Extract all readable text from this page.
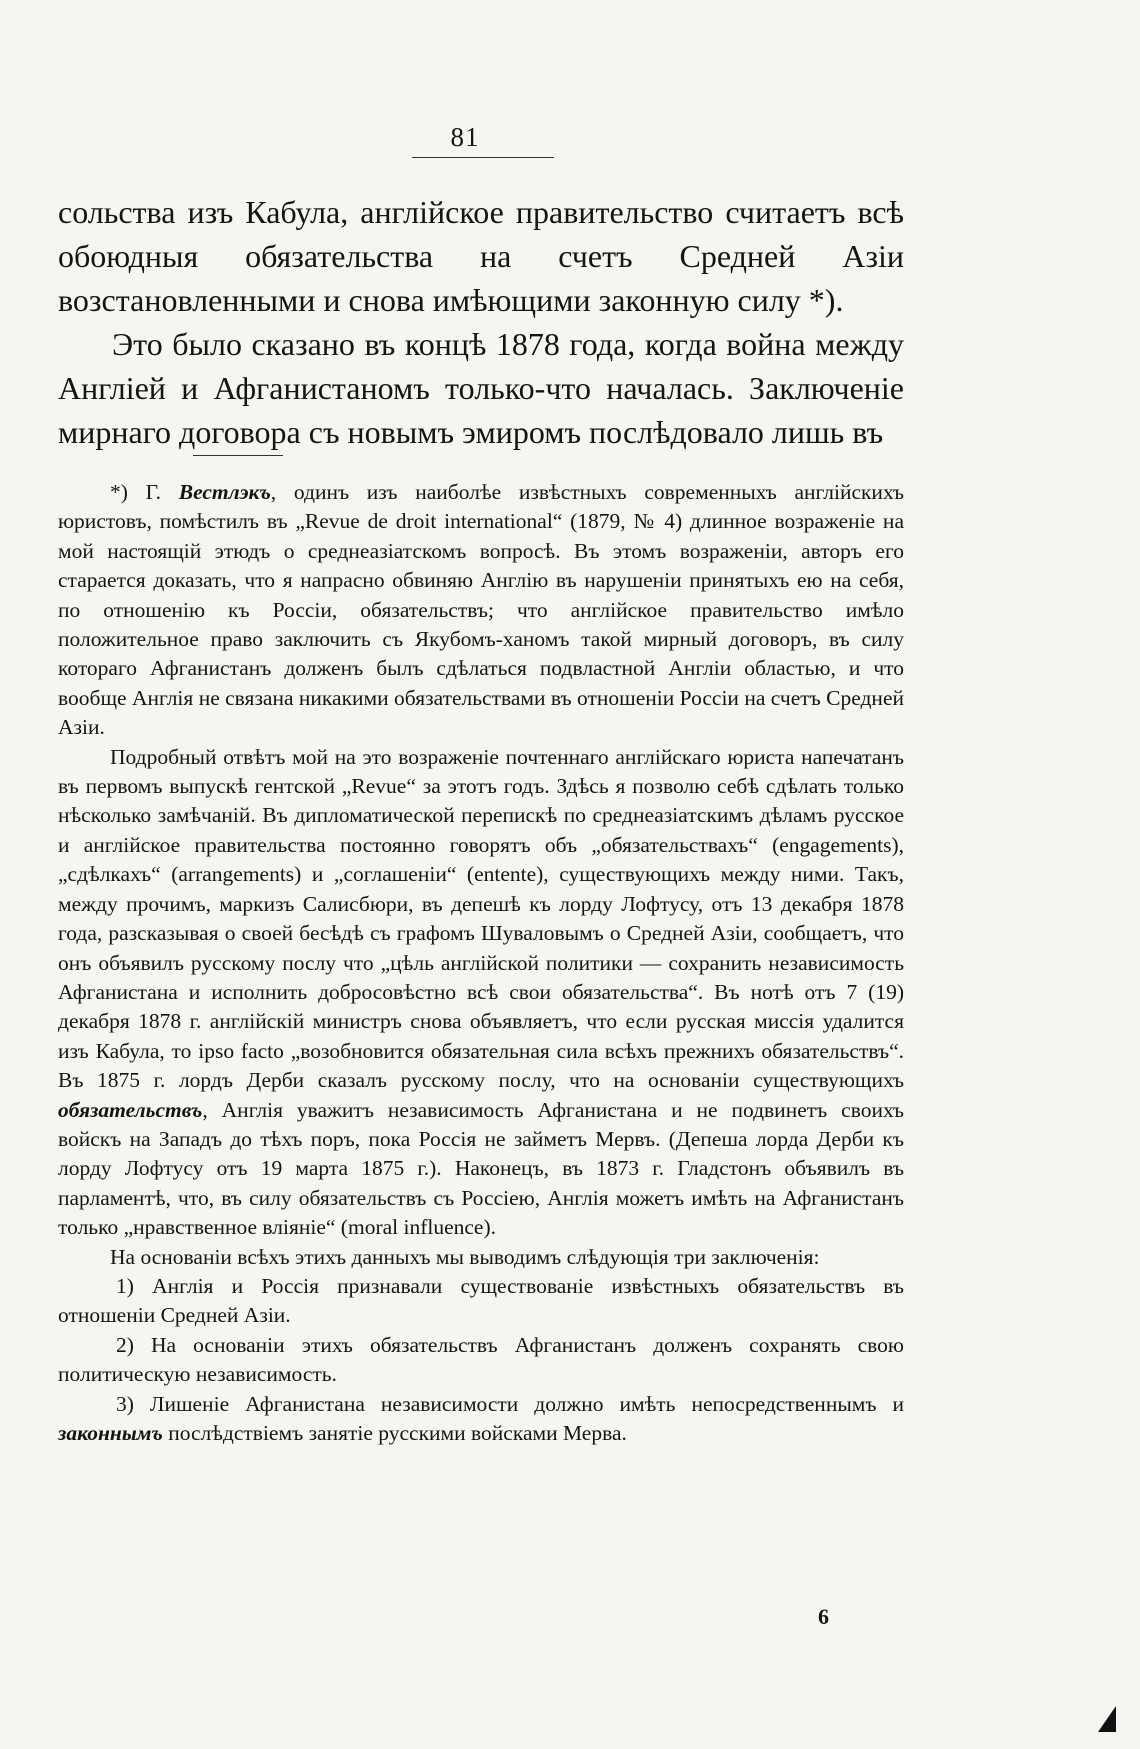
81

сольства изъ Кабула, англійское правительство считаетъ всѣ обоюдныя обязательства на счетъ Средней Азіи возстановленными и снова имѣющими законную силу *).

Это было сказано въ концѣ 1878 года, когда война между Англіей и Афганистаномъ только-что началась. Заключеніе мирнаго договора съ новымъ эмиромъ послѣдовало лишь въ

*) Г. Вестлэкъ, одинъ изъ наиболѣе извѣстныхъ современныхъ англійскихъ юристовъ, помѣстилъ въ „Revue de droit international“ (1879, № 4) длинное возраженіе на мой настоящій этюдъ о среднеазіатскомъ вопросѣ. Въ этомъ возраженіи, авторъ его старается доказать, что я напрасно обвиняю Англію въ нарушеніи принятыхъ ею на себя, по отношенію къ Россіи, обязательствъ; что англійское правительство имѣло положительное право заключить съ Якубомъ-ханомъ такой мирный договоръ, въ силу котораго Афганистанъ долженъ былъ сдѣлаться подвластной Англіи областью, и что вообще Англія не связана никакими обязательствами въ отношеніи Россіи на счетъ Средней Азіи.

Подробный отвѣтъ мой на это возраженіе почтеннаго англійскаго юриста напечатанъ въ первомъ выпускѣ гентской „Revue“ за этотъ годъ. Здѣсь я позволю себѣ сдѣлать только нѣсколько замѣчаній. Въ дипломатической перепискѣ по среднеазіатскимъ дѣламъ русское и англійское правительства постоянно говорятъ объ „обязательствахъ“ (engagements), „сдѣлкахъ“ (arrangements) и „соглашеніи“ (entente), существующихъ между ними. Такъ, между прочимъ, маркизъ Салисбюри, въ депешѣ къ лорду Лофтусу, отъ 13 декабря 1878 года, разсказывая о своей бесѣдѣ съ графомъ Шуваловымъ о Средней Азіи, сообщаетъ, что онъ объявилъ русскому послу что „цѣль англійской политики — сохранить независимость Афганистана и исполнить добросовѣстно всѣ свои обязательства“. Въ нотѣ отъ 7 (19) декабря 1878 г. англійскій министръ снова объявляетъ, что если русская миссія удалится изъ Кабула, то ipso facto „возобновится обязательная сила всѣхъ прежнихъ обязательствъ“. Въ 1875 г. лордъ Дерби сказалъ русскому послу, что на основаніи существующихъ обязательствъ, Англія уважитъ независимость Афганистана и не подвинетъ своихъ войскъ на Западъ до тѣхъ поръ, пока Россія не займетъ Мервъ. (Депеша лорда Дерби къ лорду Лофтусу отъ 19 марта 1875 г.). Наконецъ, въ 1873 г. Гладстонъ объявилъ въ парламентѣ, что, въ силу обязательствъ съ Россіею, Англія можетъ имѣть на Афганистанъ только „нравственное вліяніе“ (moral influence).

На основаніи всѣхъ этихъ данныхъ мы выводимъ слѣдующія три заключенія:

1) Англія и Россія признавали существованіе извѣстныхъ обязательствъ въ отношеніи Средней Азіи.

2) На основаніи этихъ обязательствъ Афганистанъ долженъ сохранять свою политическую независимость.

3) Лишеніе Афганистана независимости должно имѣть непосредственнымъ и законнымъ послѣдствіемъ занятіе русскими войсками Мерва.

6
